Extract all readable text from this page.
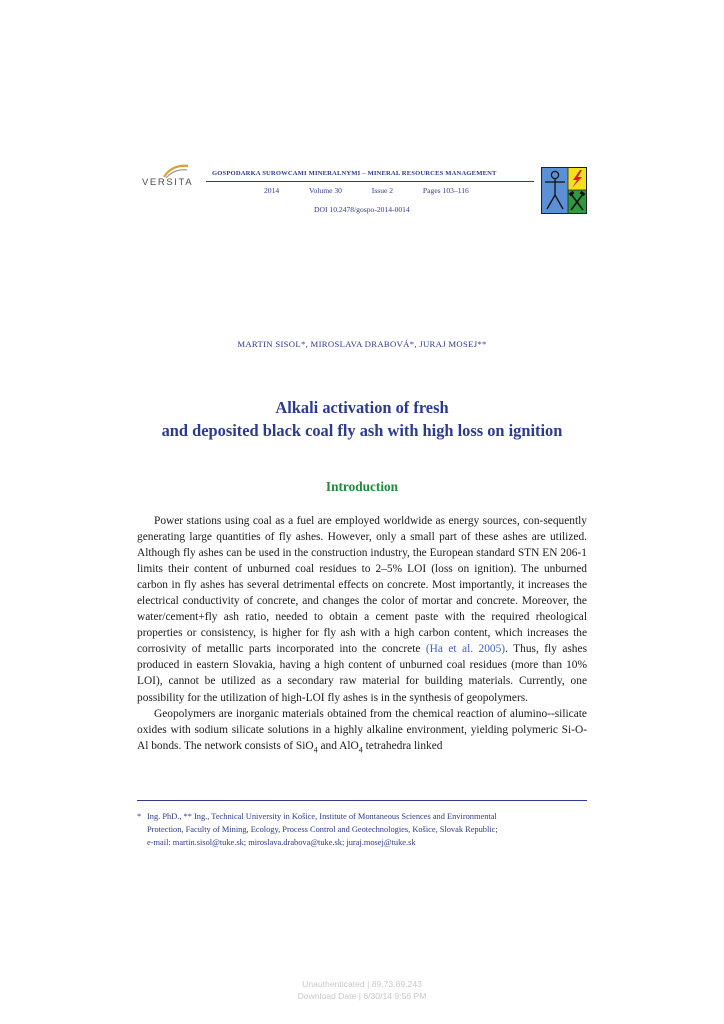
VERSITA
GOSPODARKA SUROWCAMI MINERALNYMI – MINERAL RESOURCES MANAGEMENT
2014	Volume 30	Issue 2	Pages 103–116
DOI 10.2478/gospo-2014-0014
MARTIN SISOL*, MIROSLAVA DRABOVÁ*, JURAJ MOSEJ**
Alkali activation of fresh
and deposited black coal fly ash with high loss on ignition
Introduction

Power stations using coal as a fuel are employed worldwide as energy sources, con-sequently generating large quantities of fly ashes. However, only a small part of these ashes are utilized. Although fly ashes can be used in the construction industry, the European standard STN EN 206-1 limits their content of unburned coal residues to 2–5% LOI (loss on ignition). The unburned carbon in fly ashes has several detrimental effects on concrete. Most importantly, it increases the electrical conductivity of concrete, and changes the color of mortar and concrete. Moreover, the water/cement+fly ash ratio, needed to obtain a cement paste with the required rheological properties or consistency, is higher for fly ash with a high carbon content, which increases the corrosivity of metallic parts incorporated into the concrete (Ha et al. 2005). Thus, fly ashes produced in eastern Slovakia, having a high content of unburned coal residues (more than 10% LOI), cannot be utilized as a secondary raw material for building materials. Currently, one possibility for the utilization of high-LOI fly ashes is in the synthesis of geopolymers.

Geopolymers are inorganic materials obtained from the chemical reaction of alumino--silicate oxides with sodium silicate solutions in a highly alkaline environment, yielding polymeric Si-O-Al bonds. The network consists of SiO$_4$ and AlO$_4$ tetrahedra linked

* Ing. PhD., ** Ing., Technical University in Košice, Institute of Montaneous Sciences and Environmental
Protection, Faculty of Mining, Ecology, Process Control and Geotechnologies, Košice, Slovak Republic;
e-mail: martin.sisol@tuke.sk; miroslava.drabova@tuke.sk; juraj.mosej@tuke.sk
Unauthenticated | 89.73.89.243
Download Date | 6/30/14 9:56 PM
